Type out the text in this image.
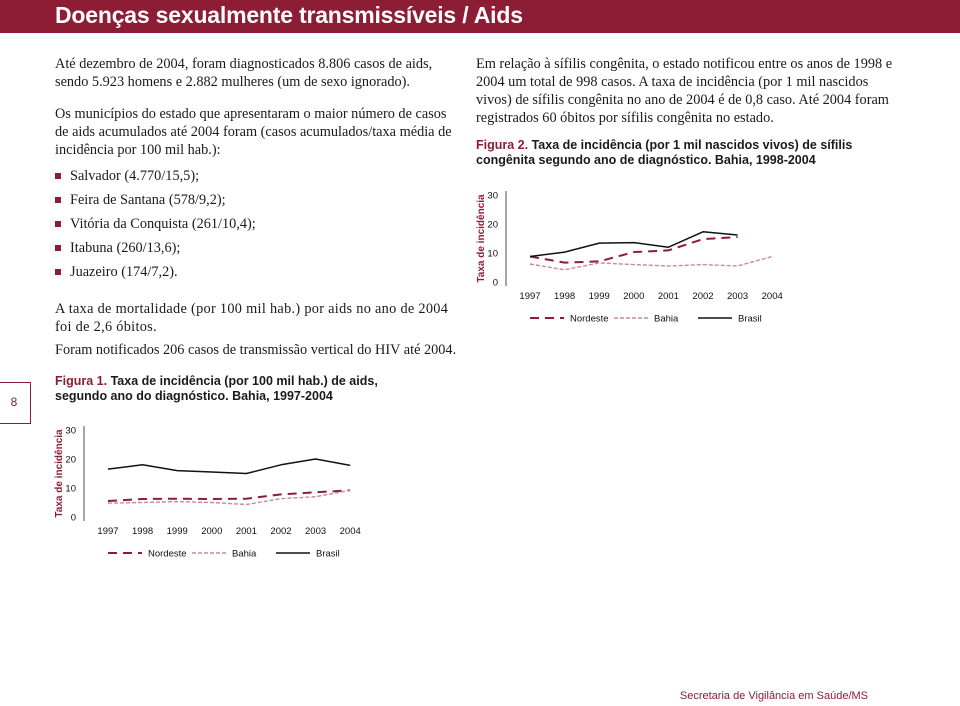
Doenças sexualmente transmissíveis / Aids

Até dezembro de 2004, foram diagnosticados 8.806 casos de aids, sendo 5.923 homens e 2.882 mulheres (um de sexo ignorado).

Os municípios do estado que apresentaram o maior número de casos de aids acumulados até 2004 foram (casos acumulados/taxa média de incidência por 100 mil hab.):

Salvador (4.770/15,5);
Feira de Santana (578/9,2);
Vitória da Conquista (261/10,4);
Itabuna (260/13,6);
Juazeiro (174/7,2).

A taxa de mortalidade (por 100 mil hab.) por aids no ano de 2004 foi de 2,6 óbitos.

Foram notificados 206 casos de transmissão vertical do HIV até 2004.
Em relação à sífilis congênita, o estado notificou entre os anos de 1998 e 2004 um total de 998 casos. A taxa de incidência (por 1 mil nascidos vivos) de sífilis congênita no ano de 2004 é de 0,8 caso. Até 2004 foram registrados 60 óbitos por sífilis congênita no estado.
Figura 2. Taxa de incidência (por 1 mil nascidos vivos) de sífilis congênita segundo ano de diagnóstico. Bahia, 1998-2004
Figura 1. Taxa de incidência (por 100 mil hab.) de aids, segundo ano do diagnóstico. Bahia, 1997-2004
Taxa de incidência
0
10
20
30
1997 1998 1999 2000 2001 2002 2003 2004
Nordeste	Bahia	Brasil
Taxa de incidência
0
10
20
30
1997 1998 1999 2000 2001 2002 2003 2004
Nordeste	Bahia	Brasil
8
Secretaria de Vigilância em Saúde/MS
